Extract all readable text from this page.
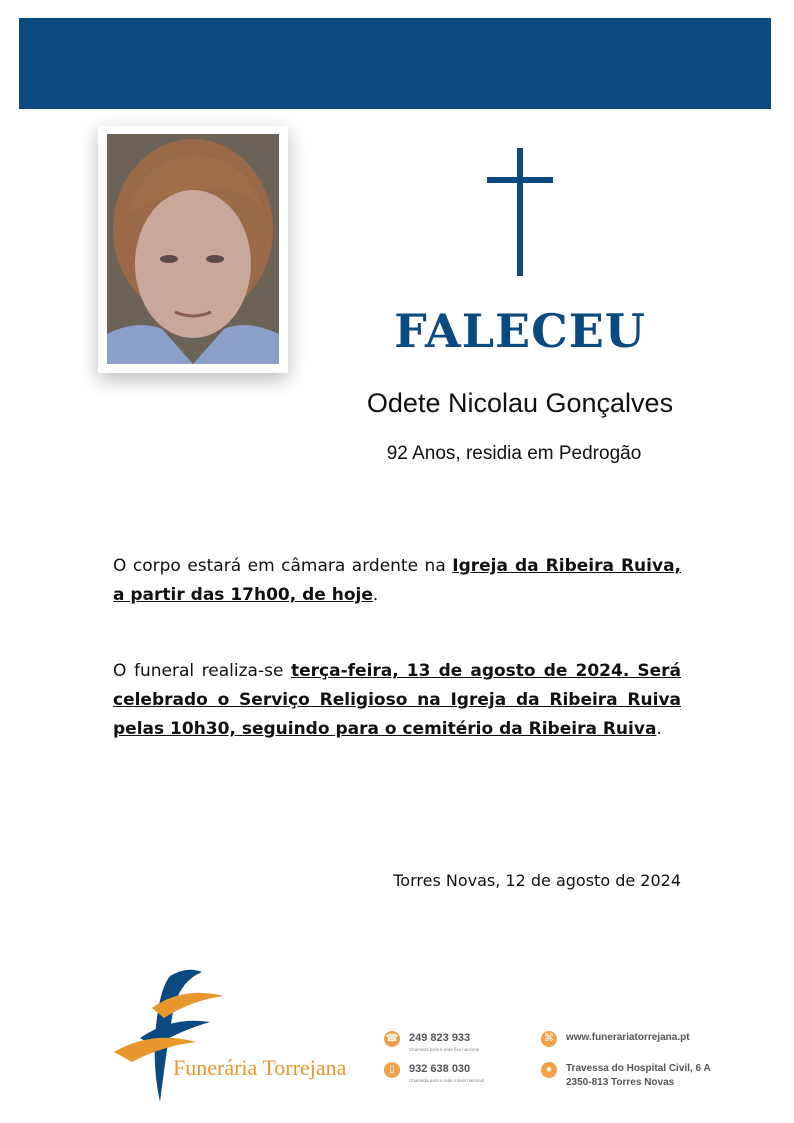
FALECEU
Odete Nicolau Gonçalves
92 Anos, residia em Pedrogão
O corpo estará em câmara ardente na Igreja da Ribeira Ruiva, a partir das 17h00, de hoje.
O funeral realiza-se terça-feira, 13 de agosto de 2024. Será celebrado o Serviço Religioso na Igreja da Ribeira Ruiva pelas 10h30, seguindo para o cemitério da Ribeira Ruiva.
Torres Novas, 12 de agosto de 2024
Funerária Torrejana
☎ 249 823 933
Chamada para a rede fixa nacional
▯	932 638 030
Chamada para a rede móvel nacional
⌘	www.funerariatorrejana.pt
●	Travessa do Hospital Civil, 6 A
2350-813 Torres Novas
